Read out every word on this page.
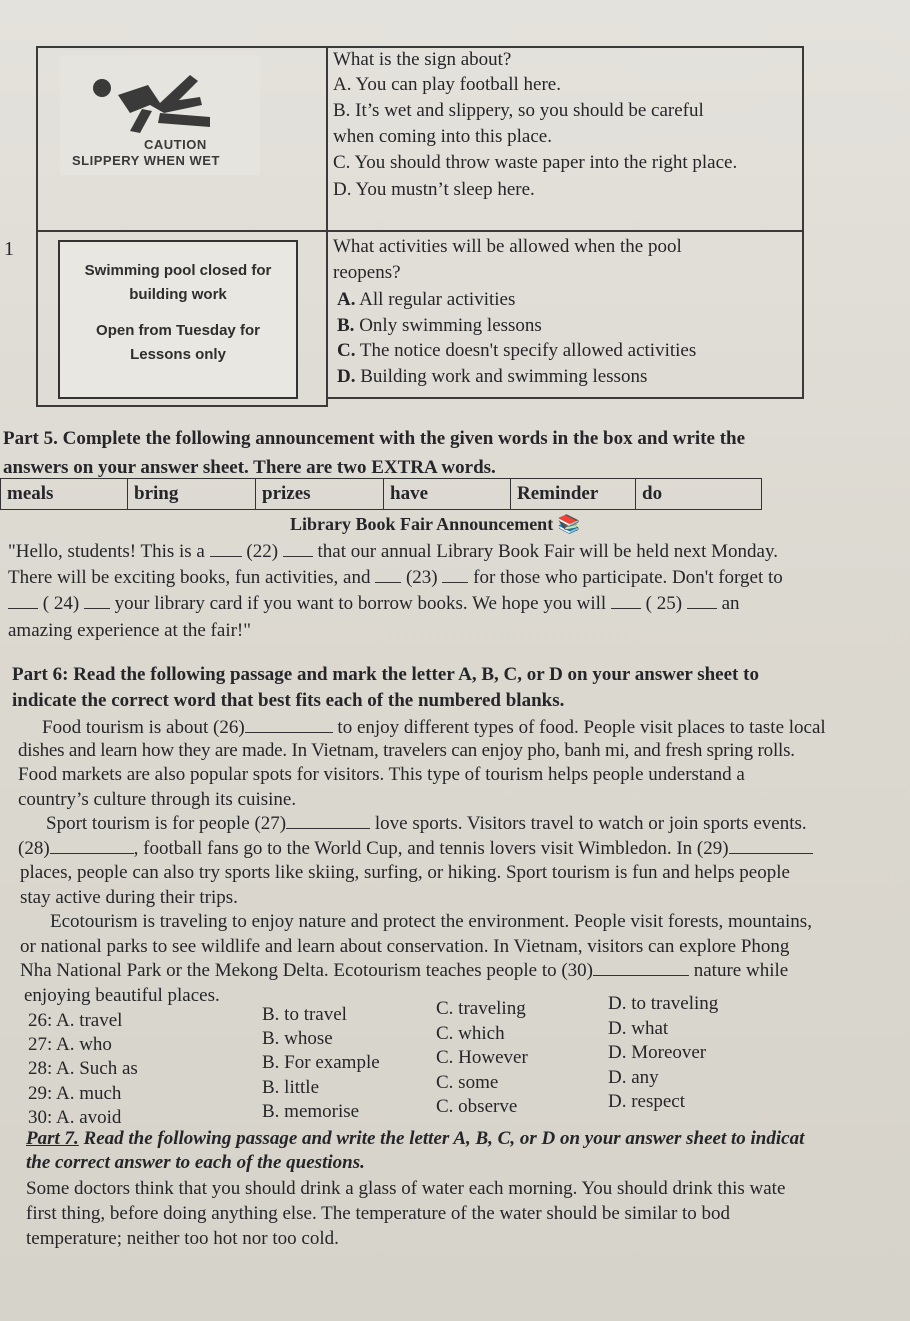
CAUTION
SLIPPERY WHEN WET
What is the sign about?
A. You can play football here.
B. It’s wet and slippery, so you should be careful
when coming into this place.
C. You should throw waste paper into the right place.
D. You mustn’t sleep here.
1
Swimming pool closed for
building work
Open from Tuesday for
Lessons only
What activities will be allowed when the pool
reopens?
A. All regular activities
B. Only swimming lessons
C. The notice doesn't specify allowed activities
D. Building work and swimming lessons
Part 5. Complete the following announcement with the given words in the box and write the
answers on your answer sheet. There are two EXTRA words.
meals	bring	prizes	have	Reminder	do
Library Book Fair Announcement 📚
"Hello, students! This is a  (22)  that our annual Library Book Fair will be held next Monday.
There will be exciting books, fun activities, and  (23)  for those who participate. Don't forget to
( 24)  your library card if you want to borrow books. We hope you will  ( 25)  an
amazing experience at the fair!"
Part 6: Read the following passage and mark the letter A, B, C, or D on your answer sheet to
indicate the correct word that best fits each of the numbered blanks.
Food tourism is about (26)	to enjoy different types of food. People visit places to taste local
dishes and learn how they are made. In Vietnam, travelers can enjoy pho, banh mi, and fresh spring rolls.
Food markets are also popular spots for visitors. This type of tourism helps people understand a
country’s culture through its cuisine.
Sport tourism is for people (27)	love sports. Visitors travel to watch or join sports events.
(28)	, football fans go to the World Cup, and tennis lovers visit Wimbledon. In (29)
places, people can also try sports like skiing, surfing, or hiking. Sport tourism is fun and helps people
stay active during their trips.
Ecotourism is traveling to enjoy nature and protect the environment. People visit forests, mountains,
or national parks to see wildlife and learn about conservation. In Vietnam, visitors can explore Phong
Nha National Park or the Mekong Delta. Ecotourism teaches people to (30)	nature while
enjoying beautiful places.
26: A. travel	B. to travel	C. traveling	D. to traveling
27: A. who	B. whose	C. which	D. what
28: A. Such as	B. For example	C. However	D. Moreover
29: A. much	B. little	C. some	D. any
30: A. avoid	B. memorise	C. observe	D. respect
Part 7. Read the following passage and write the letter A, B, C, or D on your answer sheet to indicat
the correct answer to each of the questions.
Some doctors think that you should drink a glass of water each morning. You should drink this wate
first thing, before doing anything else. The temperature of the water should be similar to bod
temperature; neither too hot nor too cold.
